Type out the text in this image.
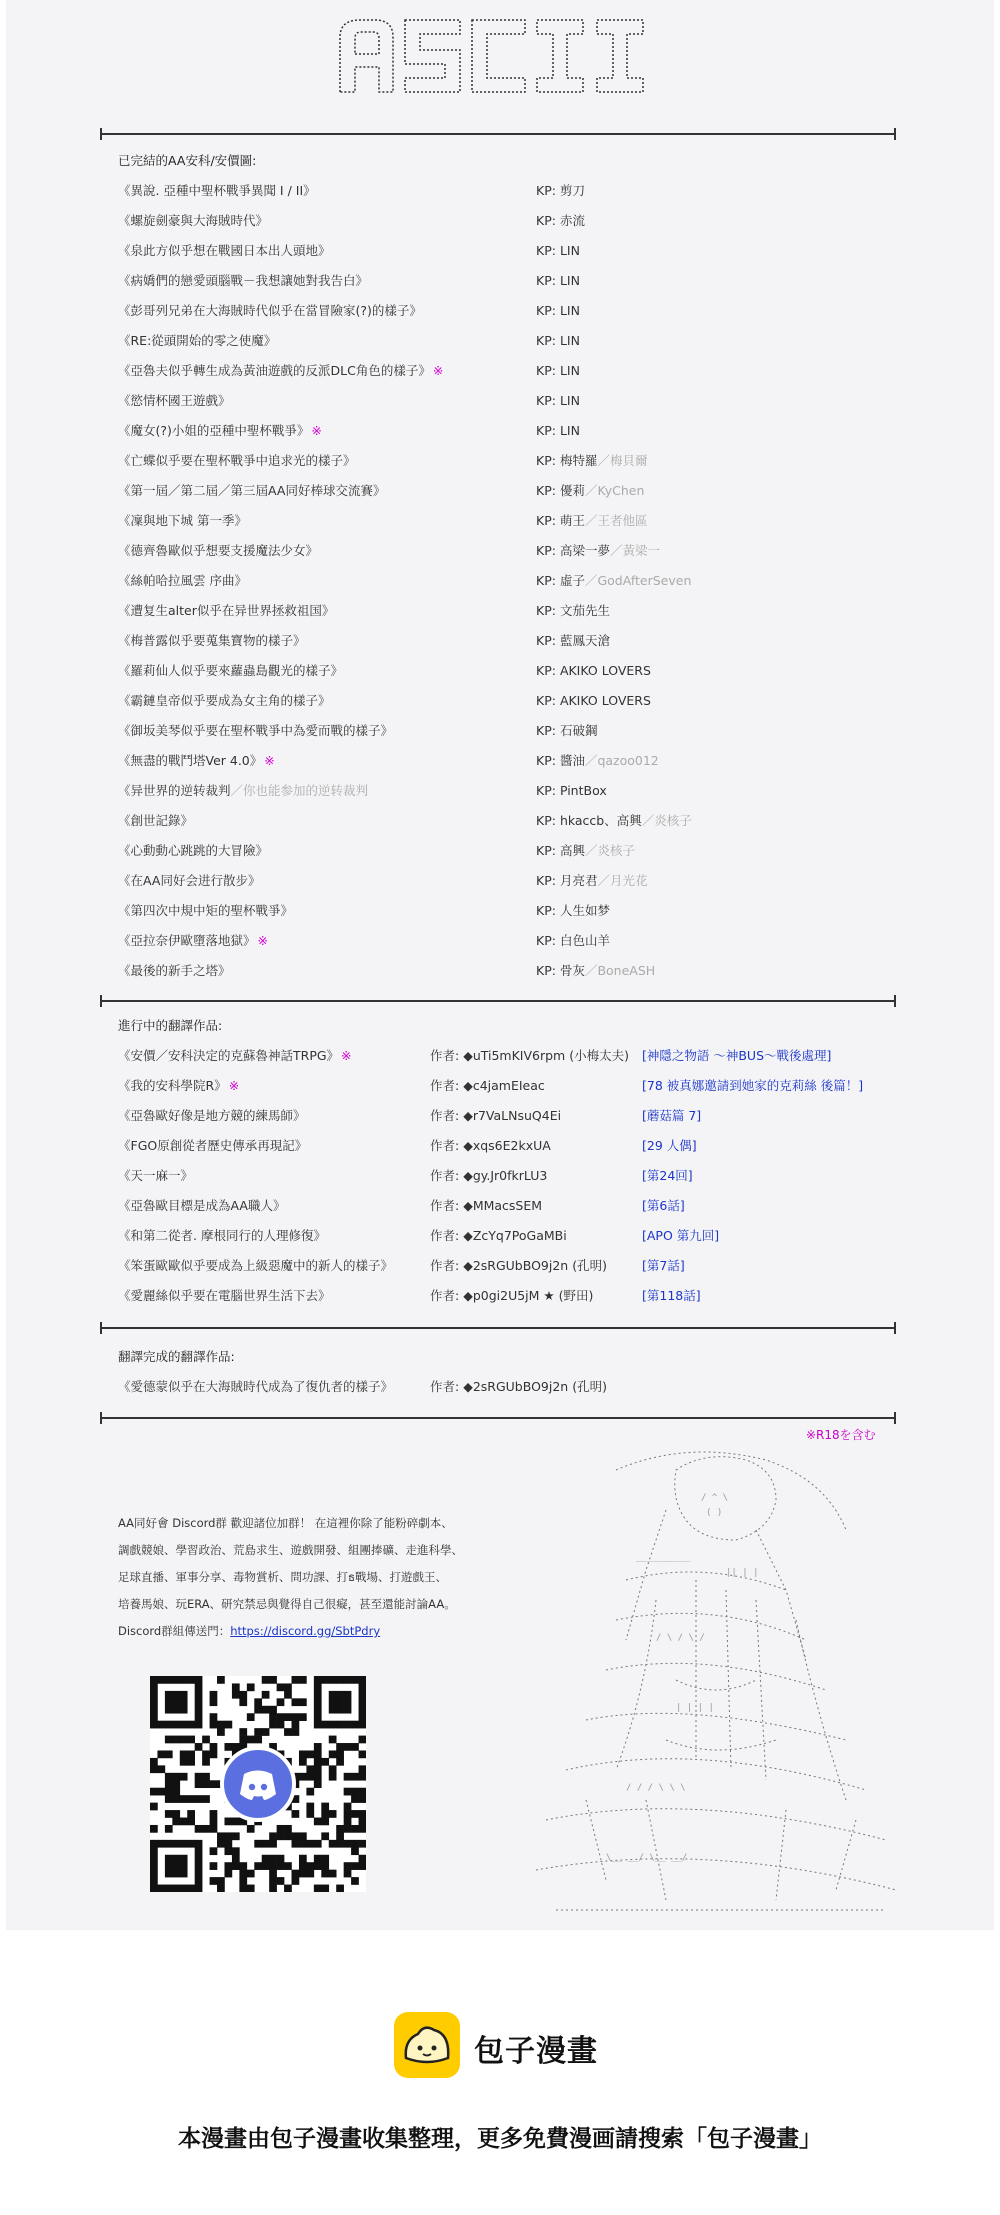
已完結的AA安科/安價圖:
《異說. 亞種中聖杯戰爭異聞 I / II》	KP: 剪刀
《螺旋劍豪與大海賊時代》	KP: 赤流
《泉此方似乎想在戰國日本出人頭地》	KP: LIN
《病嬌們的戀愛頭腦戰－我想讓她對我告白》	KP: LIN
《彭哥列兄弟在大海賊時代似乎在當冒險家(?)的樣子》	KP: LIN
《RE:從頭開始的零之使魔》	KP: LIN
《亞魯夫似乎轉生成為黃油遊戲的反派DLC角色的樣子》 ※	KP: LIN
《慾情杯國王遊戲》	KP: LIN
《魔女(?)小姐的亞種中聖杯戰爭》 ※	KP: LIN
《亡蝶似乎要在聖杯戰爭中追求光的樣子》	KP: 梅特羅／梅貝爾
《第一屆／第二屆／第三屆AA同好棒球交流賽》	KP: 優莉／KyChen
《凜與地下城 第一季》	KP: 萌王／王者他區
《德齊魯歐似乎想要支援魔法少女》	KP: 高梁一夢／黃梁一
《絲帕哈拉風雲 序曲》	KP: 虛子／GodAfterSeven
《遭复生alter似乎在异世界拯救祖国》	KP: 文茄先生
《梅普露似乎要蒐集寶物的樣子》	KP: 藍鳳天滄
《羅莉仙人似乎要來蘿蟲島觀光的樣子》	KP: AKIKO LOVERS
《霸鏈皇帝似乎要成為女主角的樣子》	KP: AKIKO LOVERS
《御坂美琴似乎要在聖杯戰爭中為愛而戰的樣子》	KP: 石破鋼
《無盡的戰鬥塔Ver 4.0》 ※	KP: 醬油／qazoo012
《异世界的逆转裁判／你也能参加的逆转裁判	KP: PintBox
《創世記錄》	KP: hkaccb、高興／炎核子
《心動動心跳跳的大冒險》	KP: 高興／炎核子
《在AA同好会进行散步》	KP: 月亮君／月光花
《第四次中規中矩的聖杯戰爭》	KP: 人生如梦
《亞拉奈伊歐墮落地獄》 ※	KP: 白色山羊
《最後的新手之塔》	KP: 骨灰／BoneASH
進行中的翻譯作品:
《安價／安科決定的克蘇魯神話TRPG》 ※	作者: ◆uTi5mKIV6rpm (小梅太夫) [神隱之物語 ～神BUS～戰後處理]
《我的安科學院R》 ※	作者: ◆c4jamEIeac	[78 被真娜邀請到她家的克莉絲 後篇！]
《亞魯歐好像是地方競的練馬師》	作者: ◆r7VaLNsuQ4Ei	[蘑菇篇 7]
《FGO原創從者歷史傳承再現記》	作者: ◆xqs6E2kxUA	[29 人偶]
《天一麻一》	作者: ◆gy.Jr0fkrLU3	[第24回]
《亞魯歐目標是成為AA職人》	作者: ◆MMacsSEM	[第6話]
《和第二從者. 摩根同行的人理修復》	作者: ◆ZcYq7PoGaMBi	[APO 第九回]
《笨蛋歐歐似乎要成為上級惡魔中的新人的樣子》	作者: ◆2sRGUbBO9j2n (孔明)	[第7話]
《愛麗絲似乎要在電腦世界生活下去》	作者: ◆p0gi2U5jM ★ (野田)	[第118話]
翻譯完成的翻譯作品:
《愛德蒙似乎在大海賊時代成為了復仇者的樣子》	作者: ◆2sRGUbBO9j2n (孔明)
※R18を含む
AA同好會 Discord群 歡迎諸位加群！ 在這裡你除了能粉碎劇本、
調戲競娘、學習政治、荒島求生、遊戲開發、組團捧礦、走進科學、
足球直播、軍事分享、毒物賞析、問功課、打ธ戰場、打遊戲王、
培養馬娘、玩ERA、研究禁忌與覺得自己很癡，甚至還能討論AA。
Discord群組傳送門：https://discord.gg/SbtPdry
/ ^ \
( )
__________
|| | |
/ \ / \ /
| | | |
/ / / \ \ \
\__ __/ \__ __/
包子漫畫
本漫畫由包子漫畫收集整理，更多免費漫画請搜索「包子漫畫」
